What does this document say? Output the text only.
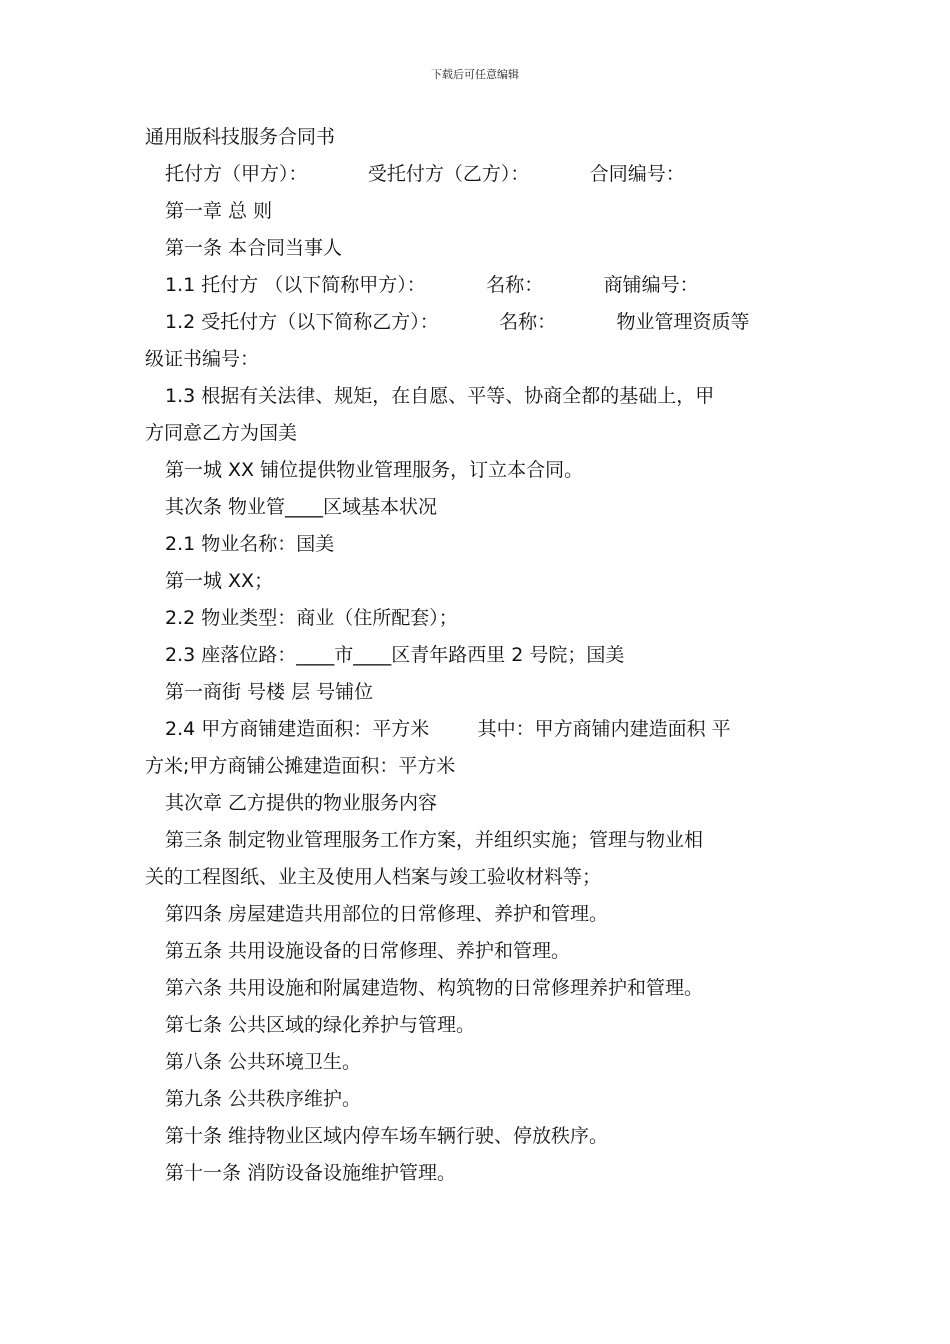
下载后可任意编辑
通用版科技服务合同书
托付方（甲方）：          受托付方（乙方）：          合同编号：
第一章 总 则
第一条 本合同当事人
1.1 托付方 （以下简称甲方）：          名称：          商铺编号：
1.2 受托付方（以下简称乙方）：          名称：          物业管理资质等
级证书编号：
1.3 根据有关法律、规矩，在自愿、平等、协商全都的基础上，甲
方同意乙方为国美
第一城 XX 铺位提供物业管理服务，订立本合同。
其次条 物业管____区域基本状况
2.1 物业名称：国美
第一城 XX；
2.2 物业类型：商业（住所配套）；
2.3 座落位路：____市____区青年路西里 2 号院；国美
第一商街 号楼 层 号铺位
2.4 甲方商铺建造面积：平方米        其中：甲方商铺内建造面积 平
方米;甲方商铺公摊建造面积：平方米
其次章 乙方提供的物业服务内容
第三条 制定物业管理服务工作方案，并组织实施；管理与物业相
关的工程图纸、业主及使用人档案与竣工验收材料等；
第四条 房屋建造共用部位的日常修理、养护和管理。
第五条 共用设施设备的日常修理、养护和管理。
第六条 共用设施和附属建造物、构筑物的日常修理养护和管理。
第七条 公共区域的绿化养护与管理。
第八条 公共环境卫生。
第九条 公共秩序维护。
第十条 维持物业区域内停车场车辆行驶、停放秩序。
第十一条 消防设备设施维护管理。
